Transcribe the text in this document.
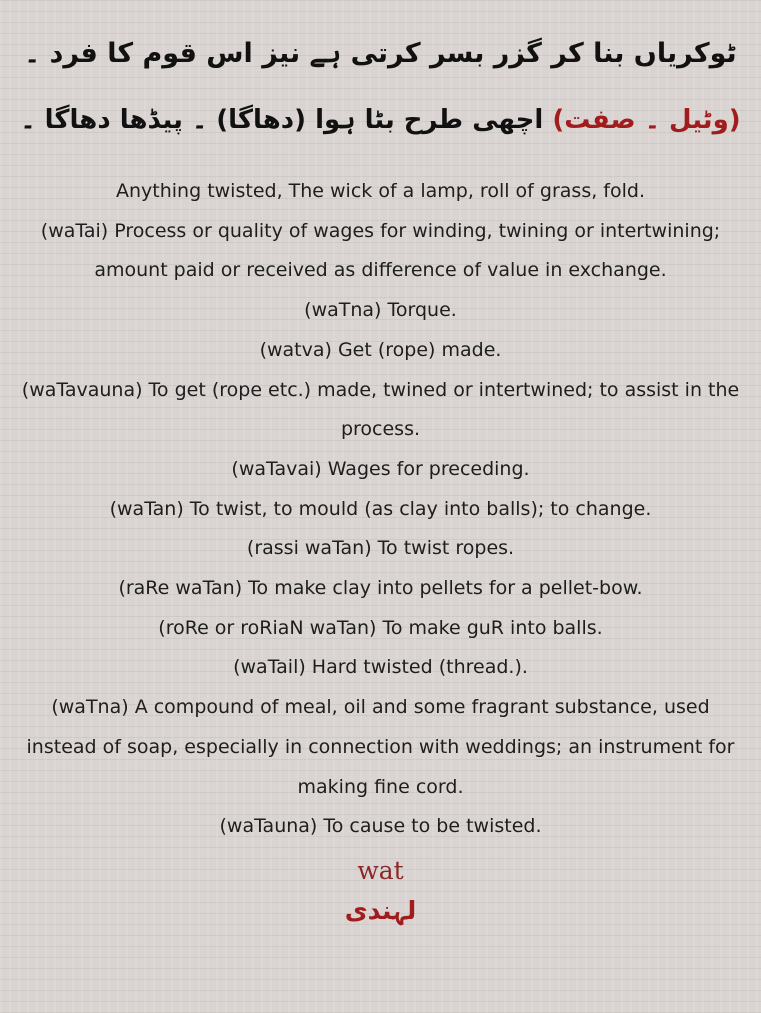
ٹوکریاں بنا کر گزر بسر کرتی ہے نیز اس قوم کا فرد ۔
(وٹیل ۔ صفت) اچھی طرح بٹا ہوا (دھاگا) ۔ پیڈھا دھاگا ۔
Anything twisted, The wick of a lamp, roll of grass, fold.
(waTai) Process or quality of wages for winding, twining or intertwining; amount paid or received as difference of value in exchange.
(waTna) Torque.
(watva) Get (rope) made.
(waTavauna) To get (rope etc.) made, twined or intertwined; to assist in the process.
(waTavai) Wages for preceding.
(waTan) To twist, to mould (as clay into balls); to change.
(rassi waTan) To twist ropes.
(raRe waTan) To make clay into pellets for a pellet-bow.
(roRe or roRiaN waTan) To make guR into balls.
(waTail) Hard twisted (thread.).
(waTna) A compound of meal, oil and some fragrant substance, used instead of soap, especially in connection with weddings; an instrument for making fine cord.
(waTauna) To cause to be twisted.
wat
لہندی
